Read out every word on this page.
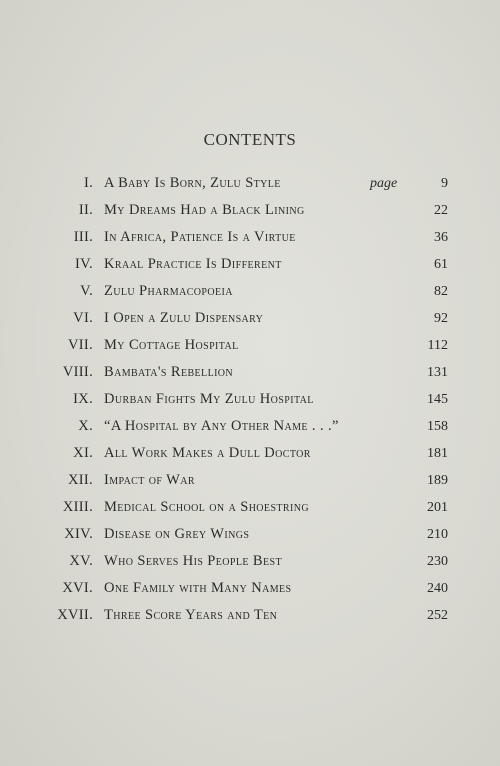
CONTENTS
I. A Baby Is Born, Zulu Style	page	9
II. My Dreams Had a Black Lining	22
III. In Africa, Patience Is a Virtue	36
IV. Kraal Practice Is Different	61
V. Zulu Pharmacopoeia	82
VI. I Open a Zulu Dispensary	92
VII. My Cottage Hospital	112
VIII. Bambata's Rebellion	131
IX. Durban Fights My Zulu Hospital	145
X. “A Hospital by Any Other Name . . .”	158
XI. All Work Makes a Dull Doctor	181
XII. Impact of War	189
XIII. Medical School on a Shoestring	201
XIV. Disease on Grey Wings	210
XV. Who Serves His People Best	230
XVI. One Family with Many Names	240
XVII. Three Score Years and Ten	252
